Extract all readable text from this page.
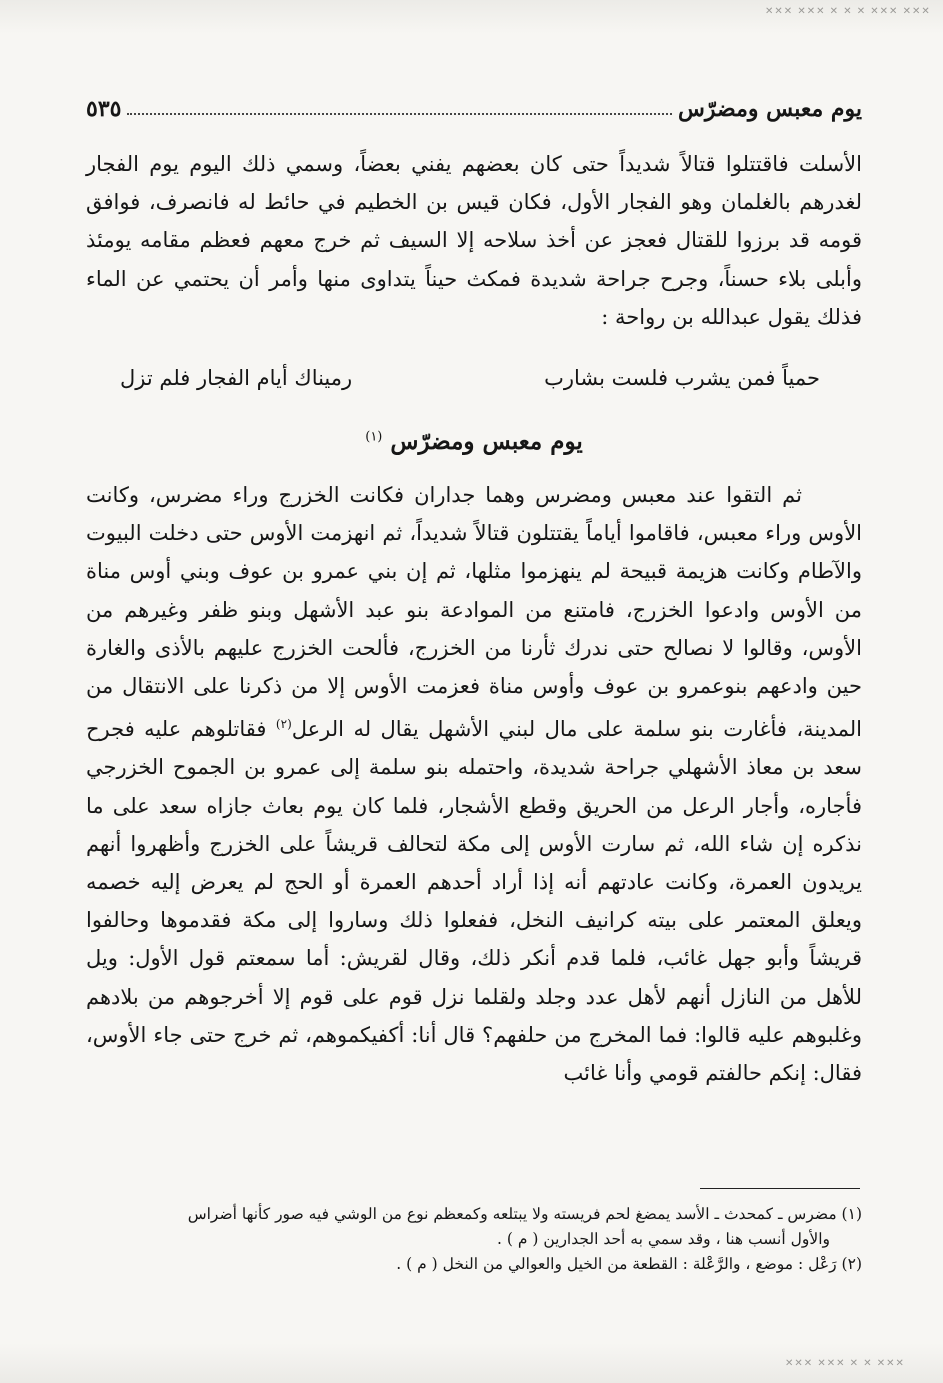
✕✕✕ ✕✕✕ ✕ ✕ ✕ ✕✕✕ ✕✕✕
✕✕✕ ✕✕✕ ✕ ✕ ✕✕✕
يوم معبس ومضرّس
٥٣٥
الأسلت فاقتتلوا قتالاً شديداً حتى كان بعضهم يفني بعضاً، وسمي ذلك اليوم يوم الفجار لغدرهم بالغلمان وهو الفجار الأول، فكان قيس بن الخطيم في حائط له فانصرف، فوافق قومه قد برزوا للقتال فعجز عن أخذ سلاحه إلا السيف ثم خرج معهم فعظم مقامه يومئذ وأبلى بلاء حسناً، وجرح جراحة شديدة فمكث حيناً يتداوى منها وأمر أن يحتمي عن الماء فذلك يقول عبدالله بن رواحة :
حمياً فمن يشرب فلست بشارب
رميناك أيام الفجار فلم تزل
يوم معبس ومضرّس $^{(١)}$
ثم التقوا عند معبس ومضرس وهما جداران فكانت الخزرج وراء مضرس، وكانت الأوس وراء معبس، فاقاموا أياماً يقتتلون قتالاً شديداً، ثم انهزمت الأوس حتى دخلت البيوت والآطام وكانت هزيمة قبيحة لم ينهزموا مثلها، ثم إن بني عمرو بن عوف وبني أوس مناة من الأوس وادعوا الخزرج، فامتنع من الموادعة بنو عبد الأشهل وبنو ظفر وغيرهم من الأوس، وقالوا لا نصالح حتى ندرك ثأرنا من الخزرج، فألحت الخزرج عليهم بالأذى والغارة حين وادعهم بنوعمرو بن عوف وأوس مناة فعزمت الأوس إلا من ذكرنا على الانتقال من المدينة، فأغارت بنو سلمة على مال لبني الأشهل يقال له الرعل$^{(٢)}$ فقاتلوهم عليه فجرح سعد بن معاذ الأشهلي جراحة شديدة، واحتمله بنو سلمة إلى عمرو بن الجموح الخزرجي فأجاره، وأجار الرعل من الحريق وقطع الأشجار، فلما كان يوم بعاث جازاه سعد على ما نذكره إن شاء الله، ثم سارت الأوس إلى مكة لتحالف قريشاً على الخزرج وأظهروا أنهم يريدون العمرة، وكانت عادتهم أنه إذا أراد أحدهم العمرة أو الحج لم يعرض إليه خصمه ويعلق المعتمر على بيته كرانيف النخل، ففعلوا ذلك وساروا إلى مكة فقدموها وحالفوا قريشاً وأبو جهل غائب، فلما قدم أنكر ذلك، وقال لقريش: أما سمعتم قول الأول: ويل للأهل من النازل أنهم لأهل عدد وجلد ولقلما نزل قوم على قوم إلا أخرجوهم من بلادهم وغلبوهم عليه قالوا: فما المخرج من حلفهم؟ قال أنا: أكفيكموهم، ثم خرج حتى جاء الأوس، فقال: إنكم حالفتم قومي وأنا غائب

(١) مضرس ـ كمحدث ـ الأسد يمضغ لحم فريسته ولا يبتلعه وكمعظم نوع من الوشي فيه صور كأنها أضراس
والأول أنسب هنا ، وقد سمي به أحد الجدارين ( م ) .

(٢) رَعْل : موضع ، والرَّعْلة : القطعة من الخيل والعوالي من النخل ( م ) .
